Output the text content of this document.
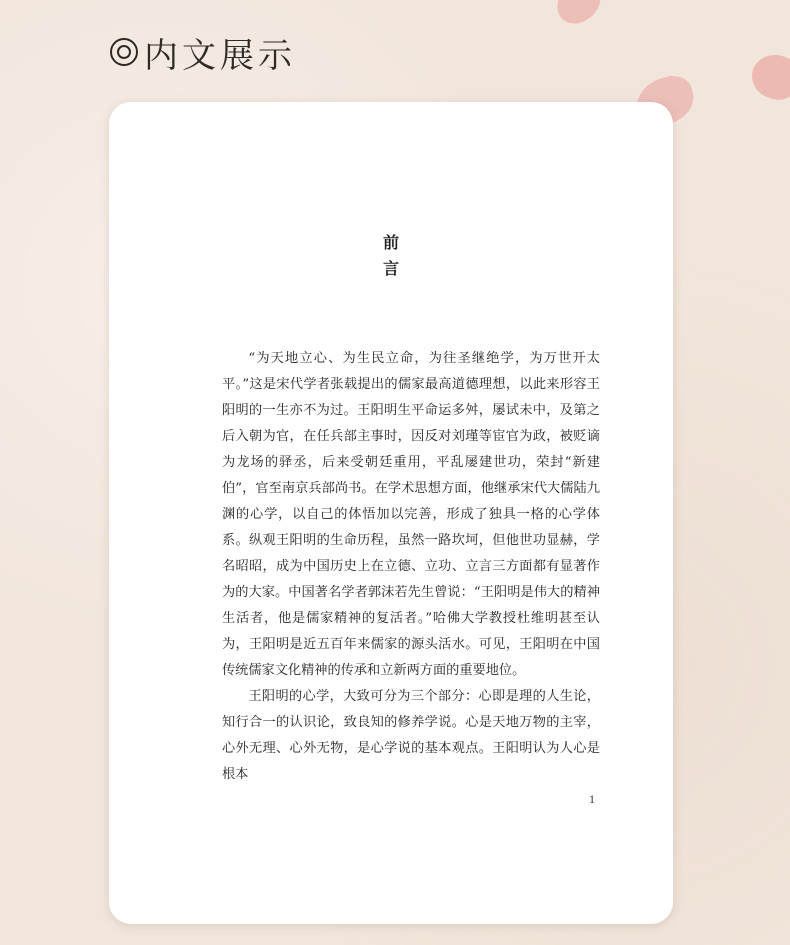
内文展示
前
言

“为天地立心、为生民立命，为往圣继绝学，为万世开太平。”这是宋代学者张载提出的儒家最高道德理想，以此来形容王阳明的一生亦不为过。王阳明生平命运多舛，屡试未中，及第之后入朝为官，在任兵部主事时，因反对刘瑾等宦官为政，被贬谪为龙场的驿丞，后来受朝廷重用，平乱屡建世功，荣封“新建伯”，官至南京兵部尚书。在学术思想方面，他继承宋代大儒陆九渊的心学，以自己的体悟加以完善，形成了独具一格的心学体系。纵观王阳明的生命历程，虽然一路坎坷，但他世功显赫，学名昭昭，成为中国历史上在立德、立功、立言三方面都有显著作为的大家。中国著名学者郭沫若先生曾说：“王阳明是伟大的精神生活者，他是儒家精神的复活者。”哈佛大学教授杜维明甚至认为，王阳明是近五百年来儒家的源头活水。可见，王阳明在中国传统儒家文化精神的传承和立新两方面的重要地位。

王阳明的心学，大致可分为三个部分：心即是理的人生论，知行合一的认识论，致良知的修养学说。心是天地万物的主宰，心外无理、心外无物，是心学说的基本观点。王阳明认为人心是根本

1
